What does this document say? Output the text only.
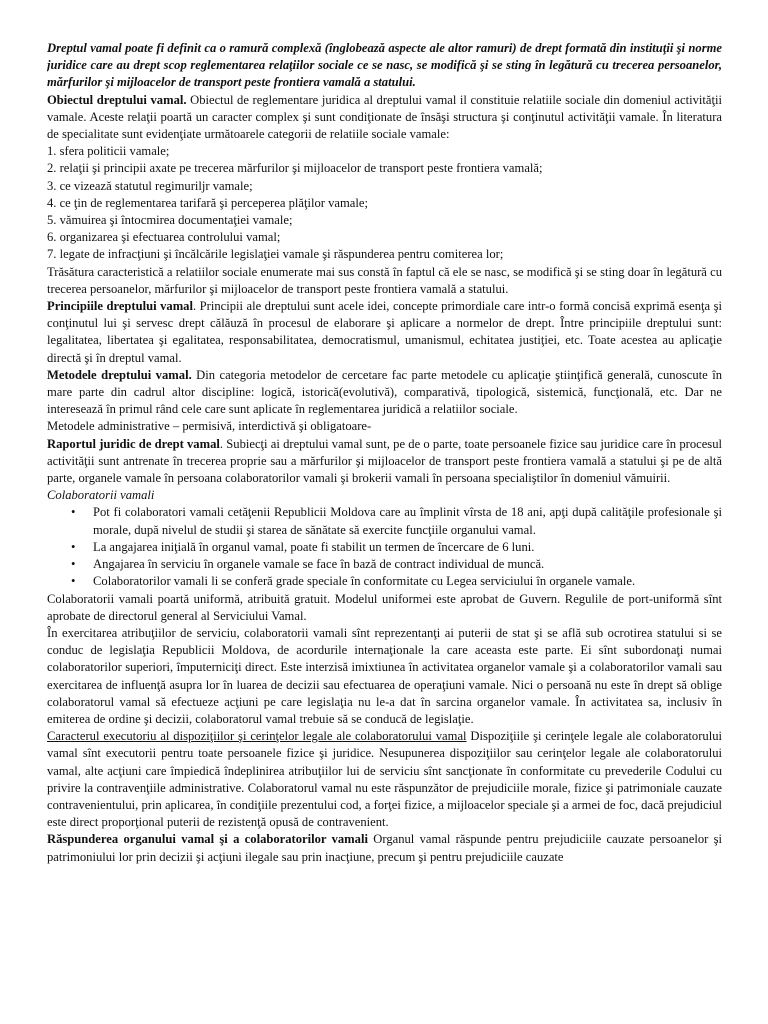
Dreptul vamal poate fi definit ca o ramură complexă (înglobează aspecte ale altor ramuri) de drept formată din instituţii şi norme juridice care au drept scop reglementarea relaţiilor sociale ce se nasc, se modifică şi se sting în legătură cu trecerea persoanelor, mărfurilor şi mijloacelor de transport peste frontiera vamală a statului.

Obiectul dreptului vamal. Obiectul de reglementare juridica al dreptului vamal il constituie relatiile sociale din domeniul activităţii vamale. Aceste relaţii poartă un caracter complex şi sunt condiţionate de însăşi structura şi conţinutul activităţii vamale. În literatura de specialitate sunt evidenţiate următoarele categorii de relatiile sociale vamale:

1. sfera politicii vamale;
2. relaţii şi principii axate pe trecerea mărfurilor şi mijloacelor de transport peste frontiera vamală;
3. ce vizează statutul regimuriljr vamale;
4. ce ţin de reglementarea tarifară şi perceperea plăţilor vamale;
5. vămuirea şi întocmirea documentaţiei vamale;
6. organizarea şi efectuarea controlului vamal;
7. legate de infracţiuni şi încălcările legislaţiei vamale şi răspunderea pentru comiterea lor;

Trăsătura caracteristică a relatiilor sociale enumerate mai sus constă în faptul că ele se nasc, se modifică şi se sting doar în legătură cu trecerea persoanelor, mărfurilor şi mijloacelor de transport peste frontiera vamală a statului.

Principiile dreptului vamal. Principii ale dreptului sunt acele idei, concepte primordiale care intr-o formă concisă exprimă esenţa şi conţinutul lui şi servesc drept călăuză în procesul de elaborare şi aplicare a normelor de drept. Între principiile dreptului sunt: legalitatea, libertatea şi egalitatea, responsabilitatea, democratismul, umanismul, echitatea justiţiei, etc. Toate acestea au aplicaţie directă şi în dreptul vamal.

Metodele dreptului vamal. Din categoria metodelor de cercetare fac parte metodele cu aplicaţie ştiinţifică generală, cunoscute în mare parte din cadrul altor discipline: logică, istorică(evolutivă), comparativă, tipologică, sistemică, funcţională, etc. Dar ne interesează în primul rând cele care sunt aplicate în reglementarea juridică a relatiilor sociale.

Metodele administrative – permisivă, interdictivă şi obligatoare-

Raportul juridic de drept vamal. Subiecţi ai dreptului vamal sunt, pe de o parte, toate persoanele fizice sau juridice care în procesul activităţii sunt antrenate în trecerea proprie sau a mărfurilor şi mijloacelor de transport peste frontiera vamală a statului şi pe de altă parte, organele vamale în persoana colaboratorilor vamali şi brokerii vamali în persoana specialiştilor în domeniul vămuirii.

Colaboratorii vamali

• Pot fi colaboratori vamali cetăţenii Republicii Moldova care au împlinit vîrsta de 18 ani, apţi după calităţile profesionale şi morale, după nivelul de studii şi starea de sănătate să exercite funcţiile organului vamal.
• La angajarea iniţială în organul vamal, poate fi stabilit un termen de încercare de 6 luni.
• Angajarea în serviciu în organele vamale se face în bază de contract individual de muncă.
• Colaboratorilor vamali li se conferă grade speciale în conformitate cu Legea serviciului în organele vamale.

Colaboratorii vamali poartă uniformă, atribuită gratuit. Modelul uniformei este aprobat de Guvern. Regulile de port-uniformă sînt aprobate de directorul general al Serviciului Vamal.

În exercitarea atribuţiilor de serviciu, colaboratorii vamali sînt reprezentanţi ai puterii de stat şi se află sub ocrotirea statului si se conduc de legislaţia Republicii Moldova, de acordurile internaţionale la care aceasta este parte. Ei sînt subordonaţi numai colaboratorilor superiori, împuterniciţi direct. Este interzisă imixtiunea în activitatea organelor vamale şi a colaboratorilor vamali sau exercitarea de influenţă asupra lor în luarea de decizii sau efectuarea de operaţiuni vamale. Nici o persoană nu este în drept să oblige colaboratorul vamal să efectueze acţiuni pe care legislaţia nu le-a dat în sarcina organelor vamale. În activitatea sa, inclusiv în emiterea de ordine şi decizii, colaboratorul vamal trebuie să se conducă de legislaţie.

Caracterul executoriu al dispoziţiilor şi cerinţelor legale ale colaboratorului vamal Dispoziţiile şi cerinţele legale ale colaboratorului vamal sînt executorii pentru toate persoanele fizice şi juridice. Nesupunerea dispoziţiilor sau cerinţelor legale ale colaboratorului vamal, alte acţiuni care împiedică îndeplinirea atribuţiilor lui de serviciu sînt sancţionate în conformitate cu prevederile Codului cu privire la contravenţiile administrative. Colaboratorul vamal nu este răspunzător de prejudiciile morale, fizice şi patrimoniale cauzate contravenientului, prin aplicarea, în condiţiile prezentului cod, a forţei fizice, a mijloacelor speciale şi a armei de foc, dacă prejudiciul este direct proporţional puterii de rezistenţă opusă de contravenient.

Răspunderea organului vamal şi a colaboratorilor vamali Organul vamal răspunde pentru prejudiciile cauzate persoanelor şi patrimoniului lor prin decizii şi acţiuni ilegale sau prin inacţiune, precum şi pentru prejudiciile cauzate
